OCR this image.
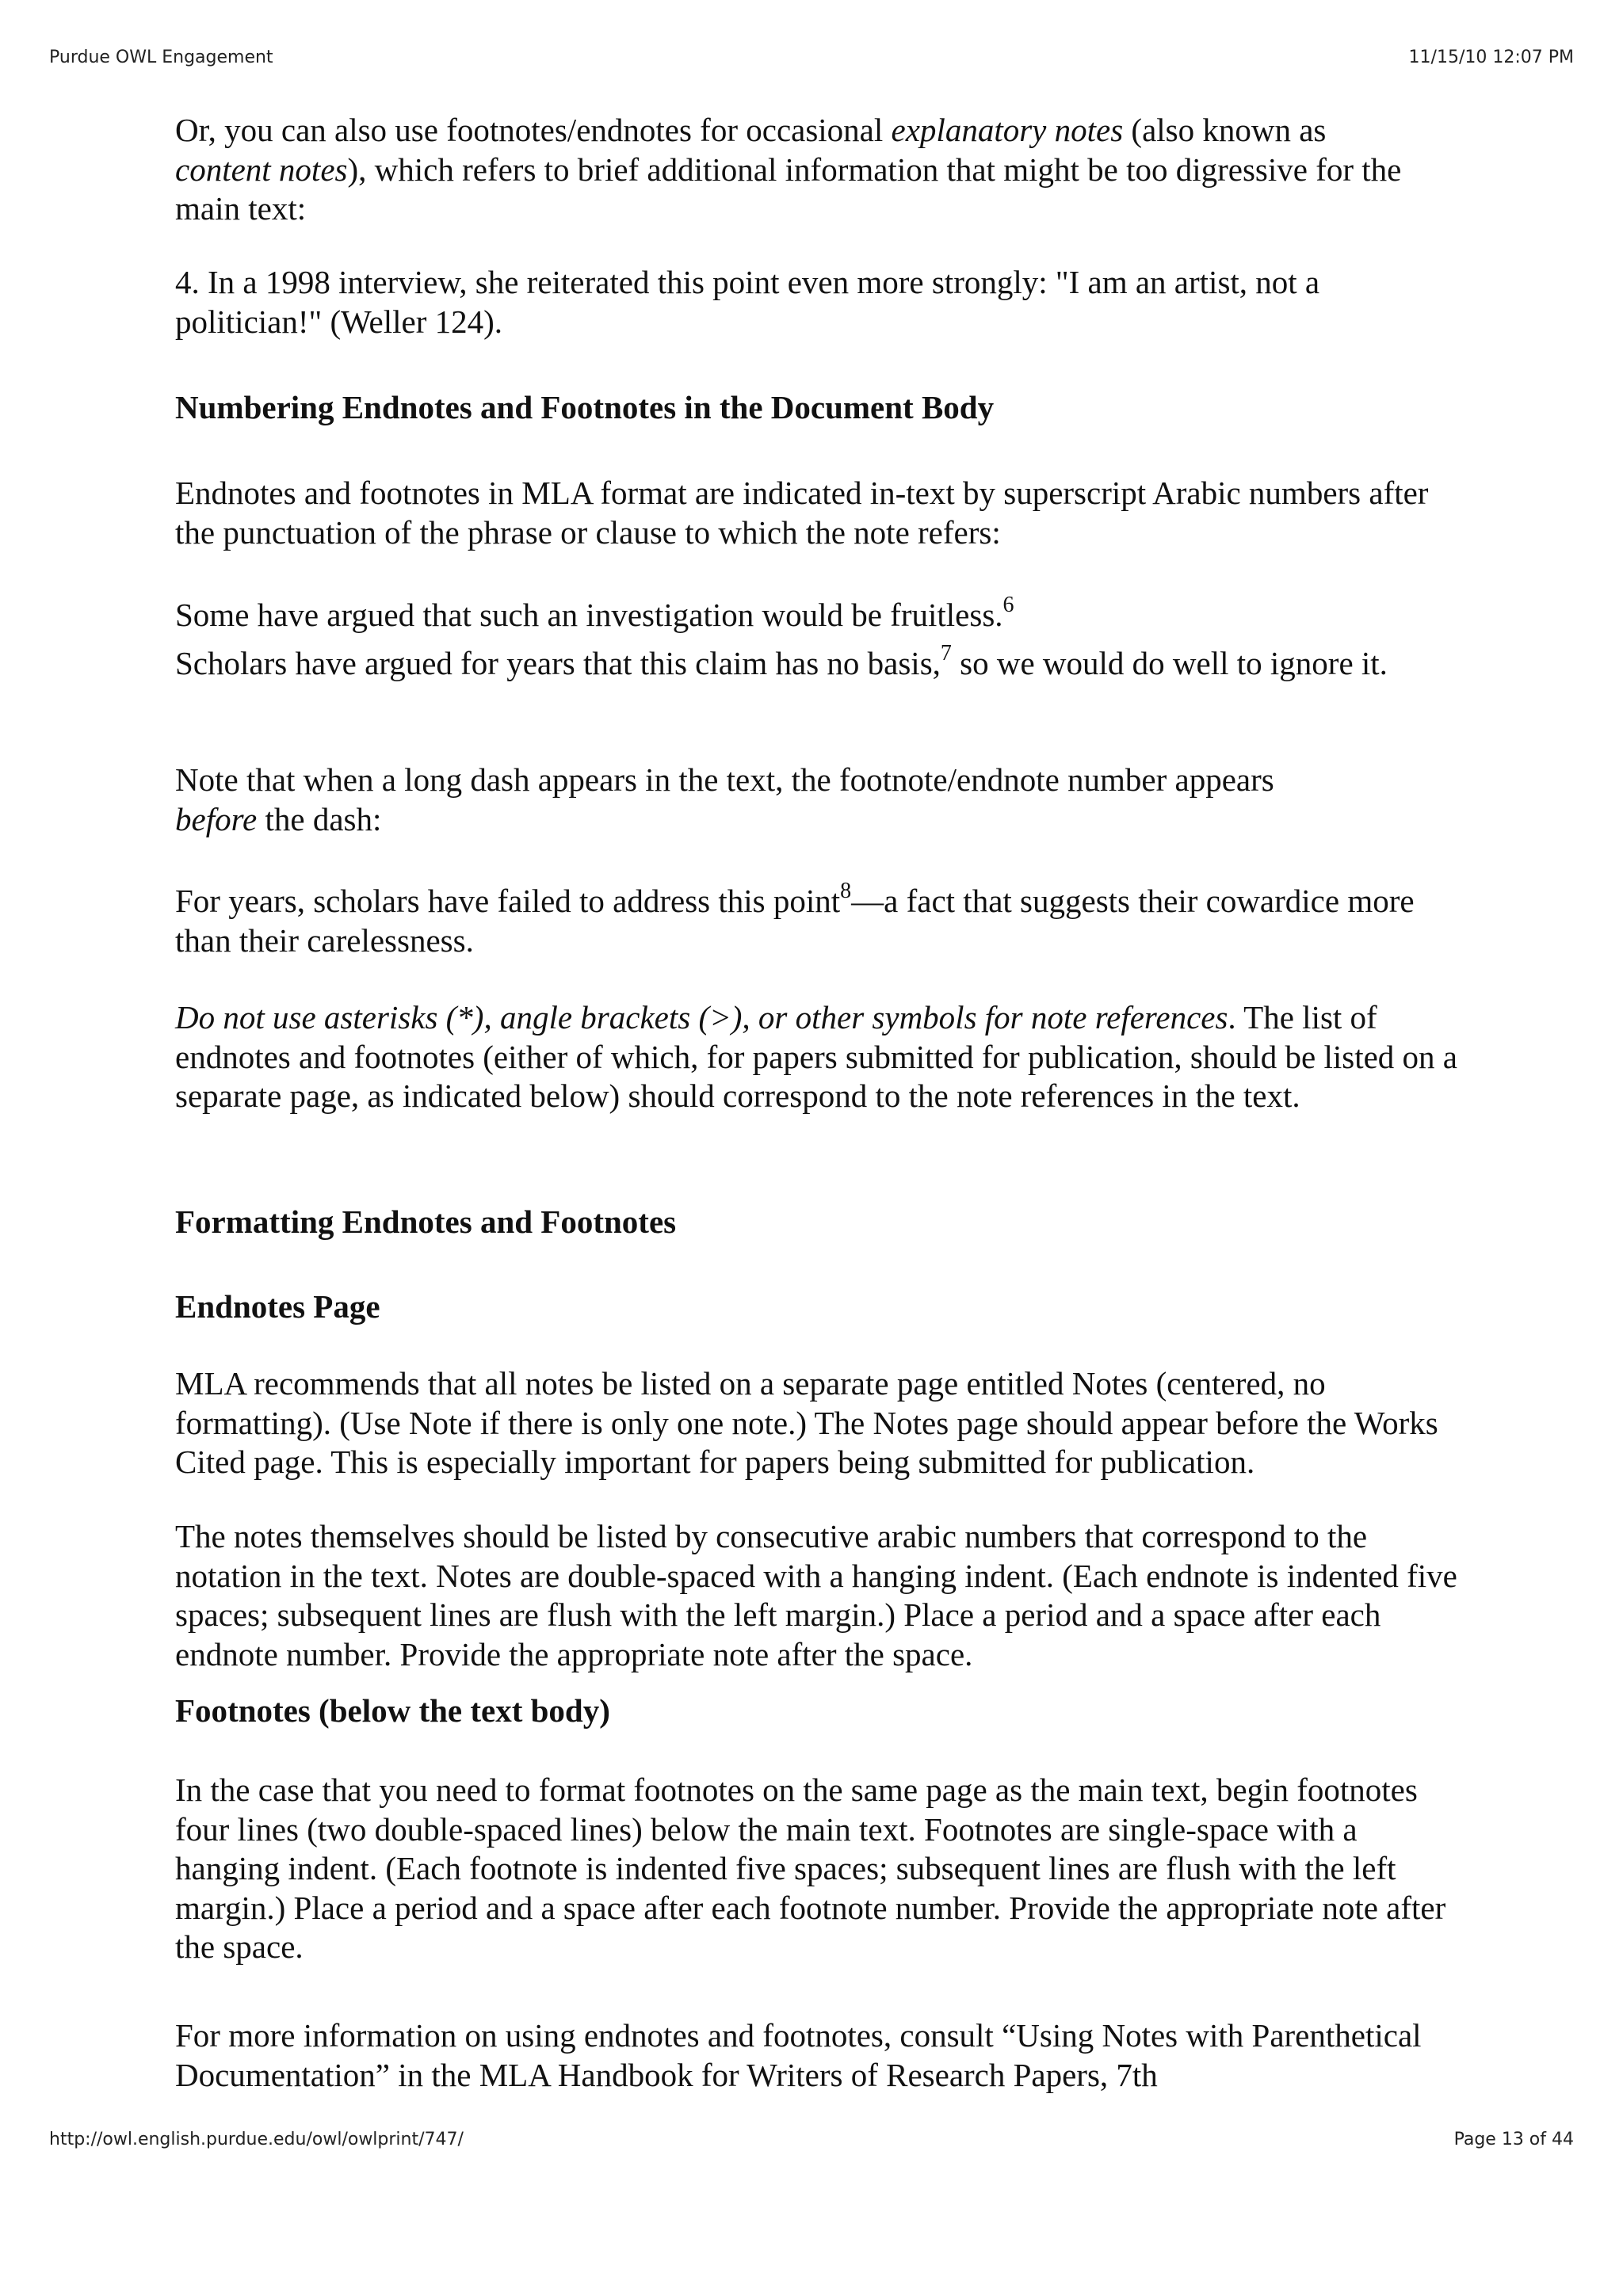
Purdue OWL Engagement	11/15/10 12:07 PM

Or, you can also use footnotes/endnotes for occasional explanatory notes (also known as
content notes), which refers to brief additional information that might be too digressive for the main text:

4. In a 1998 interview, she reiterated this point even more strongly: "I am an artist, not a politician!" (Weller 124).

Numbering Endnotes and Footnotes in the Document Body

Endnotes and footnotes in MLA format are indicated in-text by superscript Arabic numbers after the punctuation of the phrase or clause to which the note refers:

Some have argued that such an investigation would be fruitless.$^6$

Scholars have argued for years that this claim has no basis,$^7$ so we would do well to ignore it.

Note that when a long dash appears in the text, the footnote/endnote number appears
before the dash:

For years, scholars have failed to address this point$^8$—a fact that suggests their cowardice more than their carelessness.

Do not use asterisks (*), angle brackets (>), or other symbols for note references. The list of endnotes and footnotes (either of which, for papers submitted for publication, should be listed on a separate page, as indicated below) should correspond to the note references in the text.

Formatting Endnotes and Footnotes

Endnotes Page

MLA recommends that all notes be listed on a separate page entitled Notes (centered, no formatting). (Use Note if there is only one note.) The Notes page should appear before the Works Cited page. This is especially important for papers being submitted for publication.

The notes themselves should be listed by consecutive arabic numbers that correspond to the notation in the text. Notes are double-spaced with a hanging indent. (Each endnote is indented five spaces; subsequent lines are flush with the left margin.) Place a period and a space after each endnote number. Provide the appropriate note after the space.

Footnotes (below the text body)

In the case that you need to format footnotes on the same page as the main text, begin footnotes four lines (two double-spaced lines) below the main text. Footnotes are single-space with a hanging indent. (Each footnote is indented five spaces; subsequent lines are flush with the left margin.) Place a period and a space after each footnote number. Provide the appropriate note after the space.

For more information on using endnotes and footnotes, consult “Using Notes with Parenthetical Documentation” in the MLA Handbook for Writers of Research Papers, 7th

http://owl.english.purdue.edu/owl/owlprint/747/	Page 13 of 44
